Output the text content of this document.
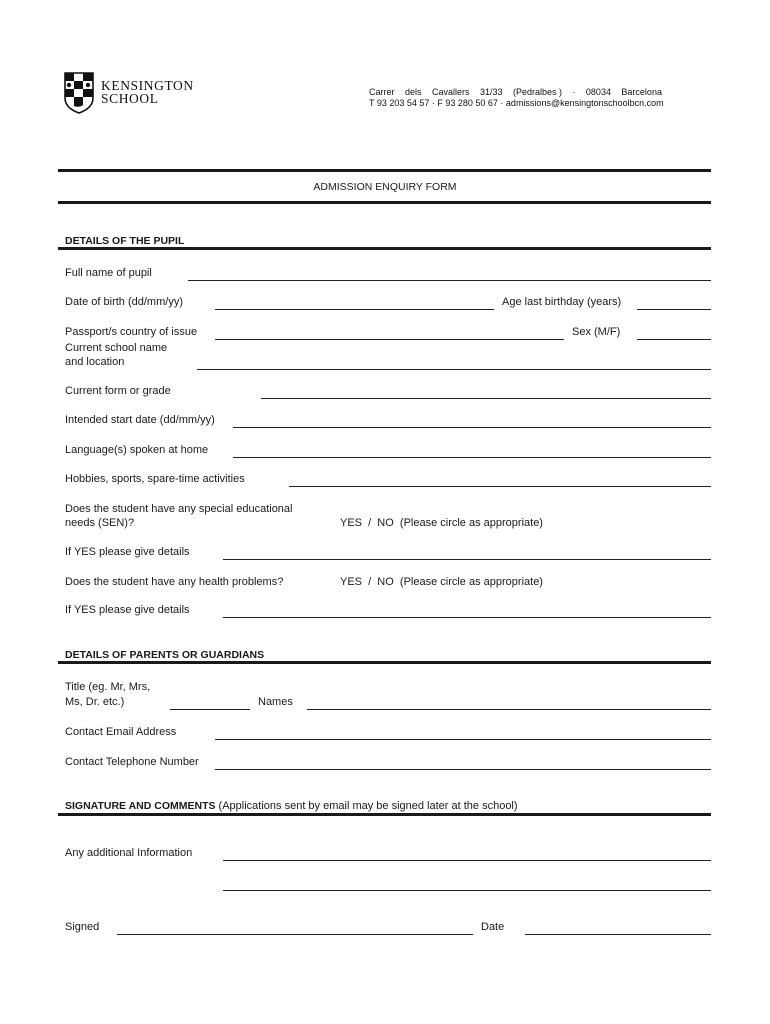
KENSINGTON
SCHOOL	Carrer dels Cavallers 31/33 (Pedralbes ) · 08034 Barcelona
T 93 203 54 57 · F 93 280 50 67 · admissions@kensingtonschoolbcn.com
ADMISSION ENQUIRY FORM
DETAILS OF THE PUPIL
Full name of pupil
Date of birth (dd/mm/yy)	Age last birthday (years)
Passport/s country of issue	Sex (M/F)
Current school name
and location
Current form or grade
Intended start date (dd/mm/yy)
Language(s) spoken at home
Hobbies, sports, spare-time activities
Does the student have any special educational
needs (SEN)?	YES  /  NO  (Please circle as appropriate)
If YES please give details
Does the student have any health problems?	YES  /  NO  (Please circle as appropriate)
If YES please give details
DETAILS OF PARENTS OR GUARDIANS
Title (eg. Mr, Mrs,
Ms, Dr. etc.)	Names
Contact Email Address
Contact Telephone Number
SIGNATURE AND COMMENTS (Applications sent by email may be signed later at the school)
Any additional Information
Signed	Date
